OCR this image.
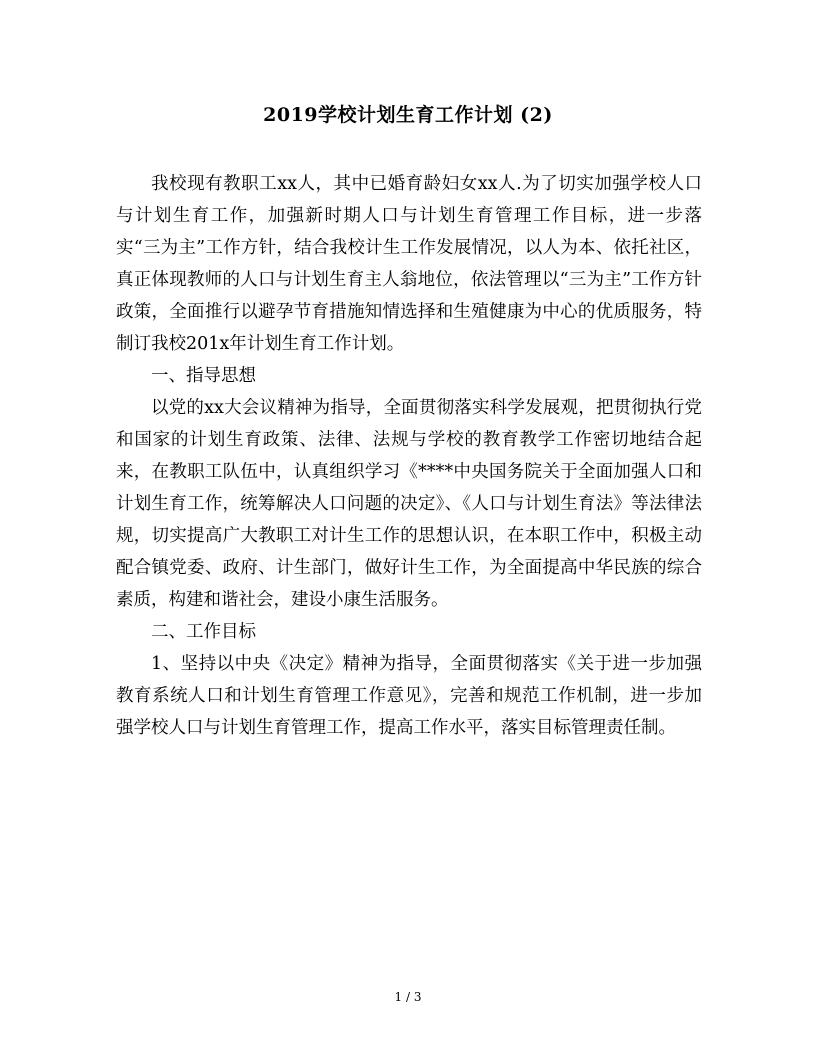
2019学校计划生育工作计划 (2)

我校现有教职工xx人，其中已婚育龄妇女xx人.为了切实加强学校人口与计划生育工作，加强新时期人口与计划生育管理工作目标，进一步落实“三为主”工作方针，结合我校计生工作发展情况，以人为本、依托社区，真正体现教师的人口与计划生育主人翁地位，依法管理以“三为主”工作方针政策，全面推行以避孕节育措施知情选择和生殖健康为中心的优质服务，特制订我校201x年计划生育工作计划。

一、指导思想

以党的xx大会议精神为指导，全面贯彻落实科学发展观，把贯彻执行党和国家的计划生育政策、法律、法规与学校的教育教学工作密切地结合起来，在教职工队伍中，认真组织学习《****中央国务院关于全面加强人口和计划生育工作，统筹解决人口问题的决定》、《人口与计划生育法》等法律法规，切实提高广大教职工对计生工作的思想认识，在本职工作中，积极主动配合镇党委、政府、计生部门，做好计生工作，为全面提高中华民族的综合素质，构建和谐社会，建设小康生活服务。

二、工作目标

1、坚持以中央《决定》精神为指导，全面贯彻落实《关于进一步加强教育系统人口和计划生育管理工作意见》，完善和规范工作机制，进一步加强学校人口与计划生育管理工作，提高工作水平，落实目标管理责任制。

1 / 3
